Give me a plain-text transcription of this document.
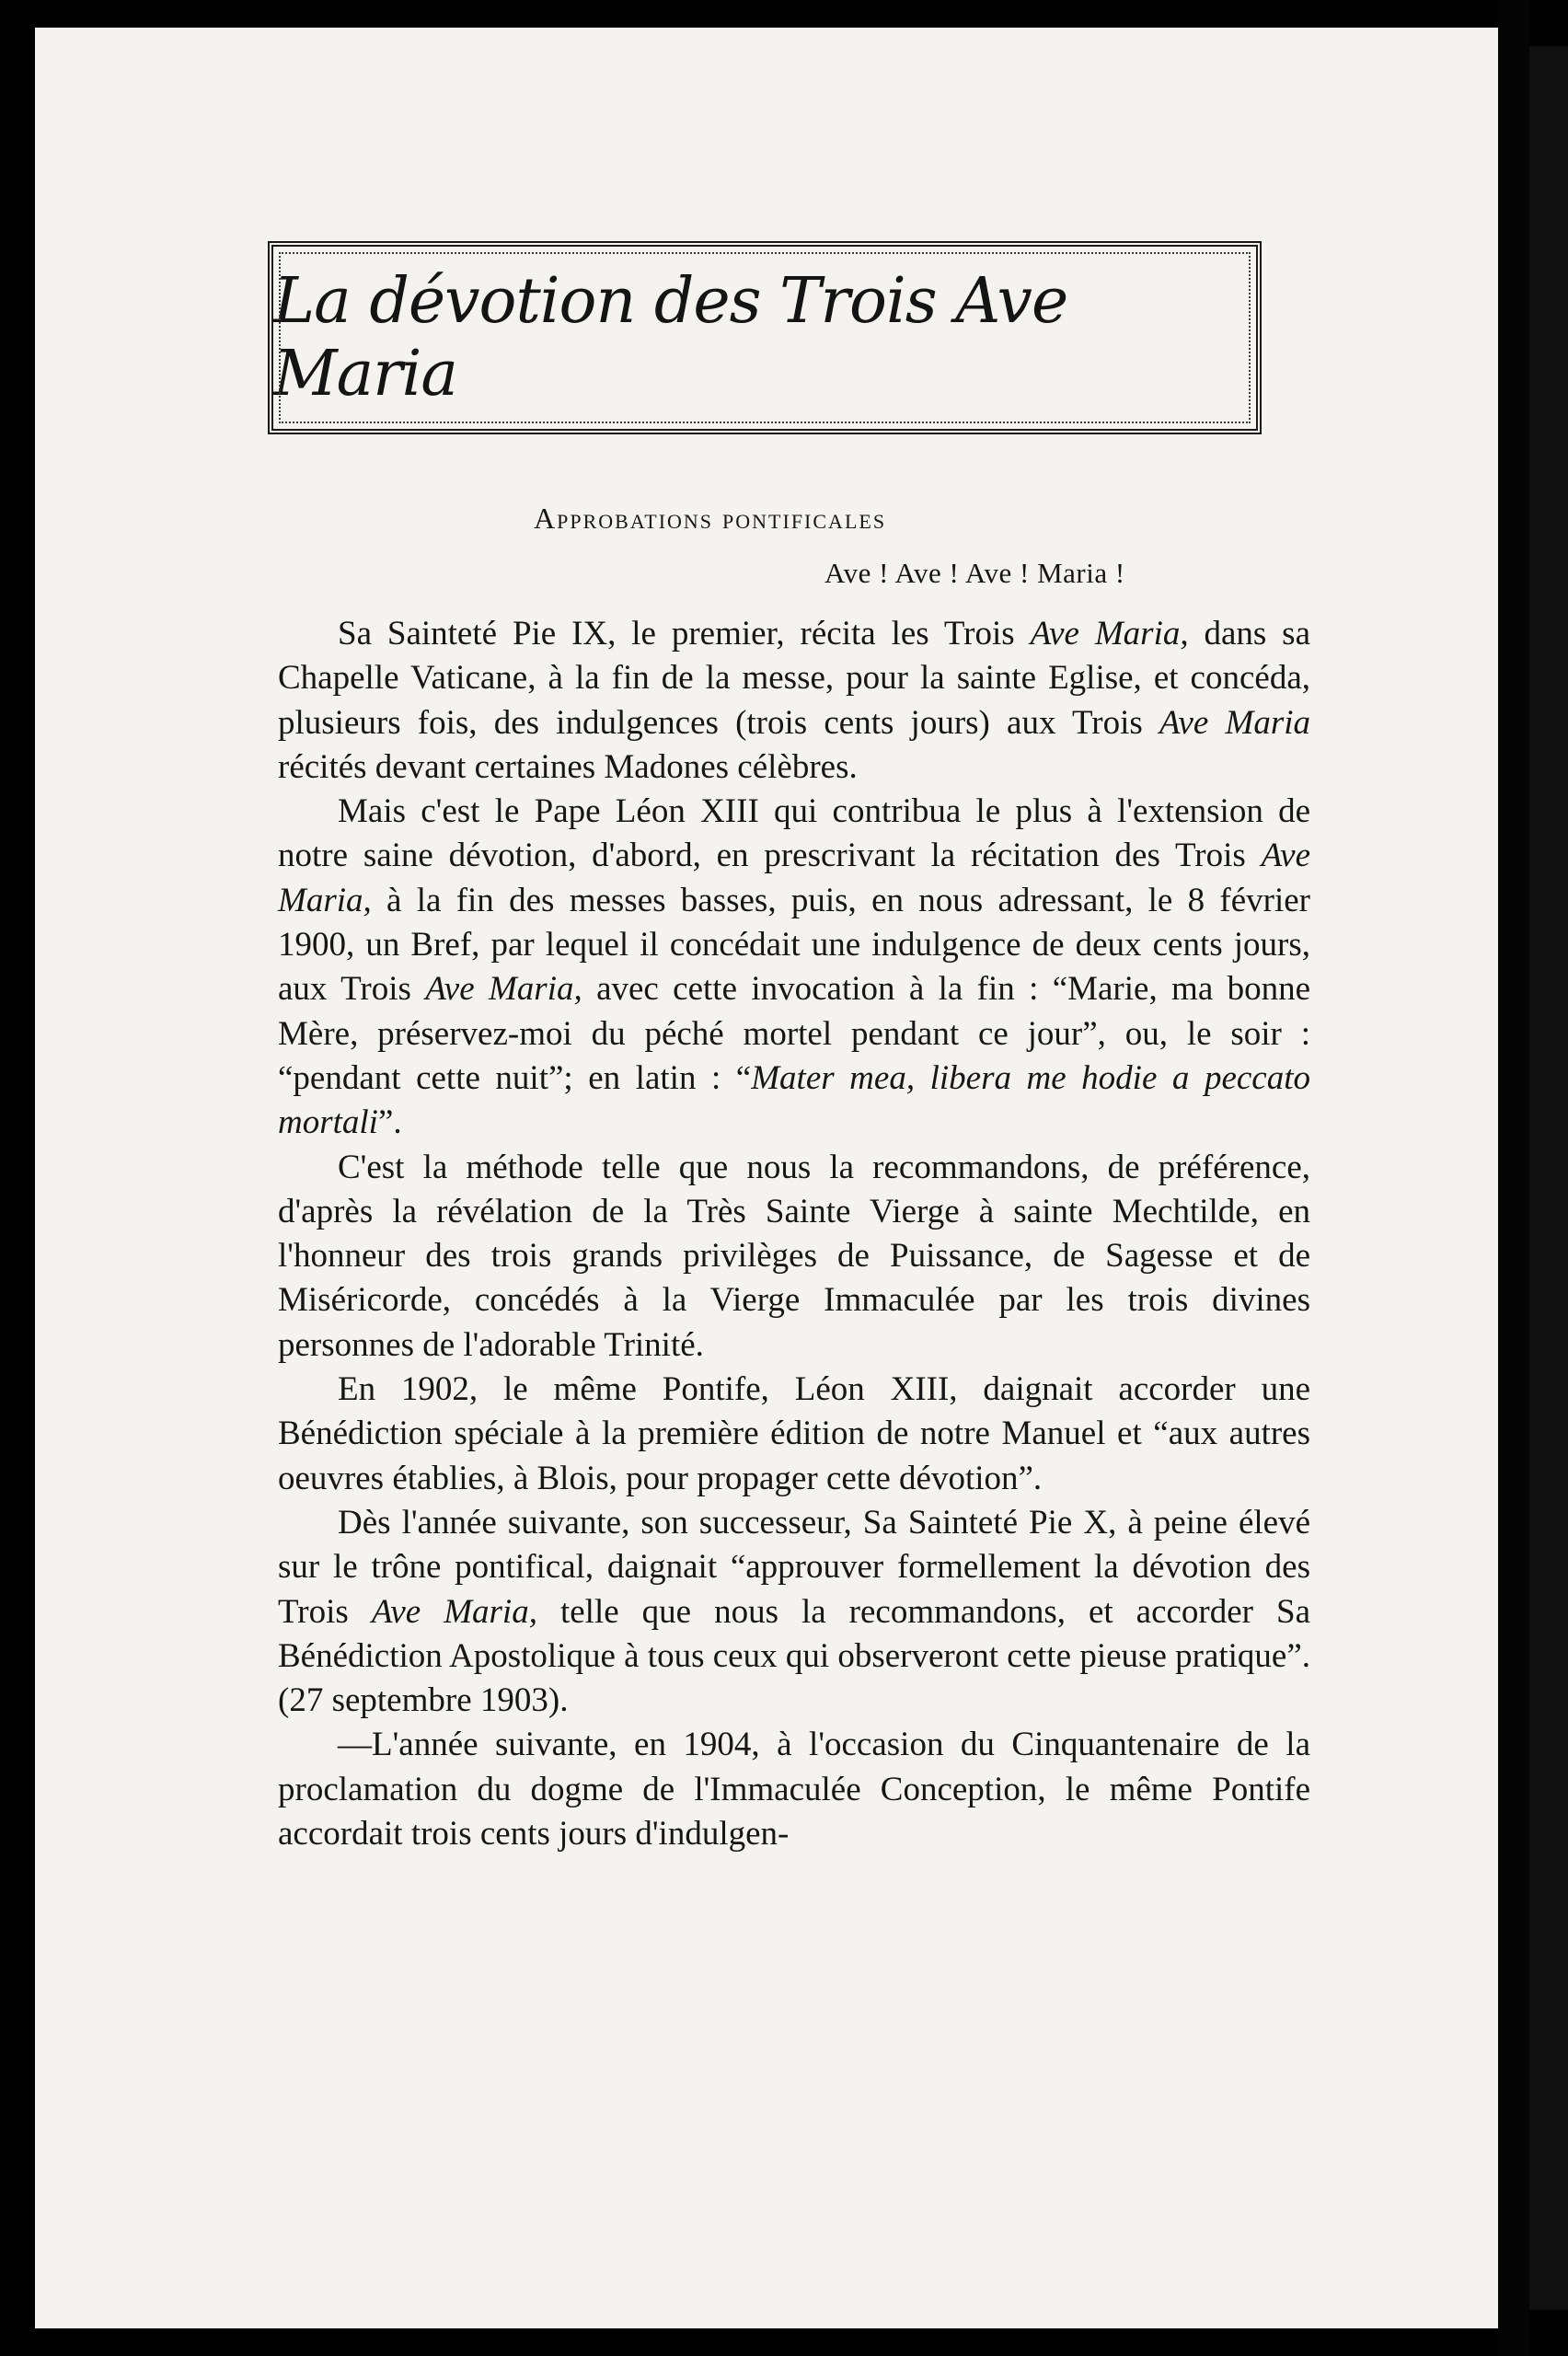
La dévotion des Trois Ave Maria
Approbations pontificales
Ave ! Ave ! Ave ! Maria !

Sa Sainteté Pie IX, le premier, récita les Trois Ave Maria, dans sa Chapelle Vaticane, à la fin de la messe, pour la sainte Eglise, et concéda, plusieurs fois, des indulgences (trois cents jours) aux Trois Ave Maria récités devant certaines Madones célèbres.

Mais c'est le Pape Léon XIII qui contribua le plus à l'extension de notre saine dévotion, d'abord, en prescrivant la récitation des Trois Ave Maria, à la fin des messes basses, puis, en nous adressant, le 8 février 1900, un Bref, par lequel il concédait une indulgence de deux cents jours, aux Trois Ave Maria, avec cette invocation à la fin : “Marie, ma bonne Mère, préservez-moi du péché mortel pendant ce jour”, ou, le soir : “pendant cette nuit”; en latin : “Mater mea, libera me hodie a peccato mortali”.

C'est la méthode telle que nous la recommandons, de préférence, d'après la révélation de la Très Sainte Vierge à sainte Mechtilde, en l'honneur des trois grands privilèges de Puissance, de Sagesse et de Miséricorde, concédés à la Vierge Immaculée par les trois divines personnes de l'adorable Trinité.

En 1902, le même Pontife, Léon XIII, daignait accorder une Bénédiction spéciale à la première édition de notre Manuel et “aux autres oeuvres établies, à Blois, pour propager cette dévotion”.

Dès l'année suivante, son successeur, Sa Sainteté Pie X, à peine élevé sur le trône pontifical, daignait “approuver formellement la dévotion des Trois Ave Maria, telle que nous la recommandons, et accorder Sa Bénédiction Apostolique à tous ceux qui observeront cette pieuse pratique”. (27 septembre 1903).

—L'année suivante, en 1904, à l'occasion du Cinquantenaire de la proclamation du dogme de l'Immaculée Conception, le même Pontife accordait trois cents jours d'indulgen-
